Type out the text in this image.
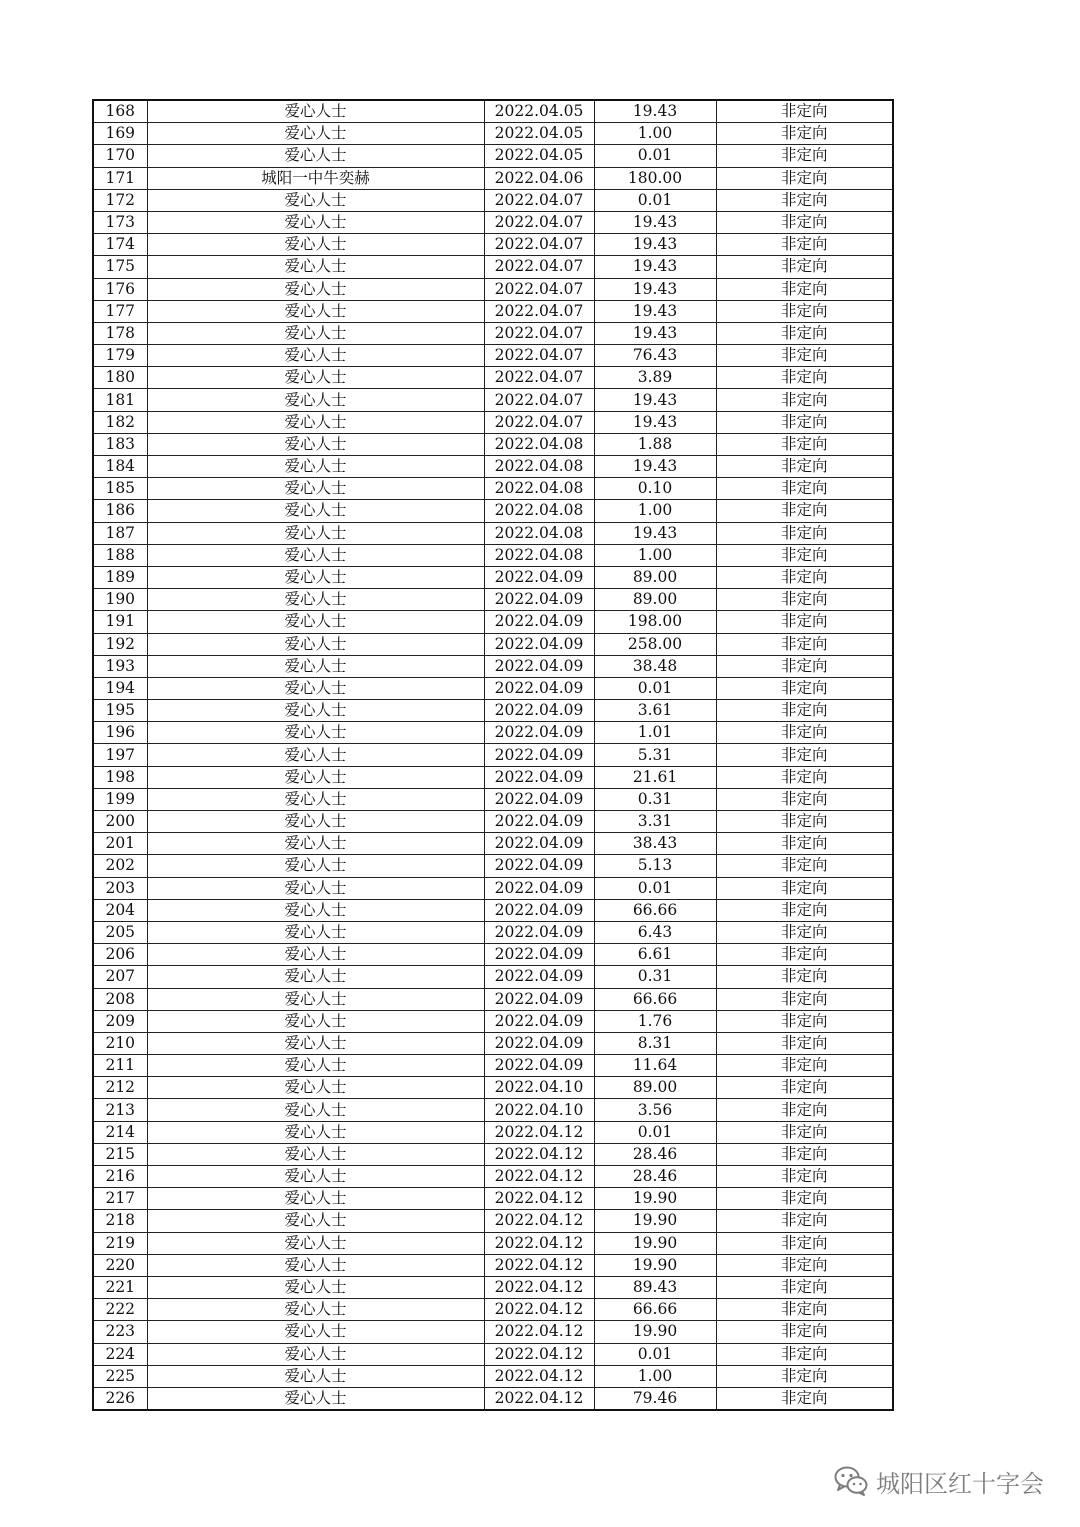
168	爱心人士	2022.04.05	19.43	非定向
169	爱心人士	2022.04.05	1.00	非定向
170	爱心人士	2022.04.05	0.01	非定向
171	城阳一中牛奕赫	2022.04.06	180.00	非定向
172	爱心人士	2022.04.07	0.01	非定向
173	爱心人士	2022.04.07	19.43	非定向
174	爱心人士	2022.04.07	19.43	非定向
175	爱心人士	2022.04.07	19.43	非定向
176	爱心人士	2022.04.07	19.43	非定向
177	爱心人士	2022.04.07	19.43	非定向
178	爱心人士	2022.04.07	19.43	非定向
179	爱心人士	2022.04.07	76.43	非定向
180	爱心人士	2022.04.07	3.89	非定向
181	爱心人士	2022.04.07	19.43	非定向
182	爱心人士	2022.04.07	19.43	非定向
183	爱心人士	2022.04.08	1.88	非定向
184	爱心人士	2022.04.08	19.43	非定向
185	爱心人士	2022.04.08	0.10	非定向
186	爱心人士	2022.04.08	1.00	非定向
187	爱心人士	2022.04.08	19.43	非定向
188	爱心人士	2022.04.08	1.00	非定向
189	爱心人士	2022.04.09	89.00	非定向
190	爱心人士	2022.04.09	89.00	非定向
191	爱心人士	2022.04.09	198.00	非定向
192	爱心人士	2022.04.09	258.00	非定向
193	爱心人士	2022.04.09	38.48	非定向
194	爱心人士	2022.04.09	0.01	非定向
195	爱心人士	2022.04.09	3.61	非定向
196	爱心人士	2022.04.09	1.01	非定向
197	爱心人士	2022.04.09	5.31	非定向
198	爱心人士	2022.04.09	21.61	非定向
199	爱心人士	2022.04.09	0.31	非定向
200	爱心人士	2022.04.09	3.31	非定向
201	爱心人士	2022.04.09	38.43	非定向
202	爱心人士	2022.04.09	5.13	非定向
203	爱心人士	2022.04.09	0.01	非定向
204	爱心人士	2022.04.09	66.66	非定向
205	爱心人士	2022.04.09	6.43	非定向
206	爱心人士	2022.04.09	6.61	非定向
207	爱心人士	2022.04.09	0.31	非定向
208	爱心人士	2022.04.09	66.66	非定向
209	爱心人士	2022.04.09	1.76	非定向
210	爱心人士	2022.04.09	8.31	非定向
211	爱心人士	2022.04.09	11.64	非定向
212	爱心人士	2022.04.10	89.00	非定向
213	爱心人士	2022.04.10	3.56	非定向
214	爱心人士	2022.04.12	0.01	非定向
215	爱心人士	2022.04.12	28.46	非定向
216	爱心人士	2022.04.12	28.46	非定向
217	爱心人士	2022.04.12	19.90	非定向
218	爱心人士	2022.04.12	19.90	非定向
219	爱心人士	2022.04.12	19.90	非定向
220	爱心人士	2022.04.12	19.90	非定向
221	爱心人士	2022.04.12	89.43	非定向
222	爱心人士	2022.04.12	66.66	非定向
223	爱心人士	2022.04.12	19.90	非定向
224	爱心人士	2022.04.12	0.01	非定向
225	爱心人士	2022.04.12	1.00	非定向
226	爱心人士	2022.04.12	79.46	非定向
城阳区红十字会
